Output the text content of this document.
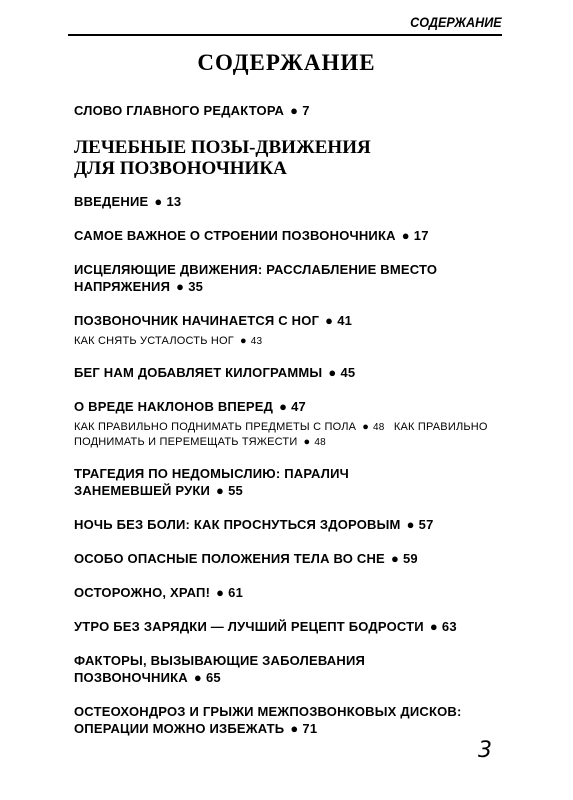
СОДЕРЖАНИЕ
СОДЕРЖАНИЕ
СЛОВО ГЛАВНОГО РЕДАКТОРА ● 7
ЛЕЧЕБНЫЕ ПОЗЫ-ДВИЖЕНИЯ ДЛЯ ПОЗВОНОЧНИКА
ВВЕДЕНИЕ ● 13
САМОЕ ВАЖНОЕ О СТРОЕНИИ ПОЗВОНОЧНИКА ● 17
ИСЦЕЛЯЮЩИЕ ДВИЖЕНИЯ: РАССЛАБЛЕНИЕ ВМЕСТО НАПРЯЖЕНИЯ ● 35
ПОЗВОНОЧНИК НАЧИНАЕТСЯ С НОГ ● 41
КАК СНЯТЬ УСТАЛОСТЬ НОГ ● 43
БЕГ НАМ ДОБАВЛЯЕТ КИЛОГРАММЫ ● 45
О ВРЕДЕ НАКЛОНОВ ВПЕРЕД ● 47
КАК ПРАВИЛЬНО ПОДНИМАТЬ ПРЕДМЕТЫ С ПОЛА ● 48 КАК ПРАВИЛЬНО ПОДНИМАТЬ И ПЕРЕМЕЩАТЬ ТЯЖЕСТИ ● 48
ТРАГЕДИЯ ПО НЕДОМЫСЛИЮ: ПАРАЛИЧ ЗАНЕМЕВШЕЙ РУКИ ● 55
НОЧЬ БЕЗ БОЛИ: КАК ПРОСНУТЬСЯ ЗДОРОВЫМ ● 57
ОСОБО ОПАСНЫЕ ПОЛОЖЕНИЯ ТЕЛА ВО СНЕ ● 59
ОСТОРОЖНО, ХРАП! ● 61
УТРО БЕЗ ЗАРЯДКИ — ЛУЧШИЙ РЕЦЕПТ БОДРОСТИ ● 63
ФАКТОРЫ, ВЫЗЫВАЮЩИЕ ЗАБОЛЕВАНИЯ ПОЗВОНОЧНИКА ● 65
ОСТЕОХОНДРОЗ И ГРЫЖИ МЕЖПОЗВОНКОВЫХ ДИСКОВ: ОПЕРАЦИИ МОЖНО ИЗБЕЖАТЬ ● 71
3
